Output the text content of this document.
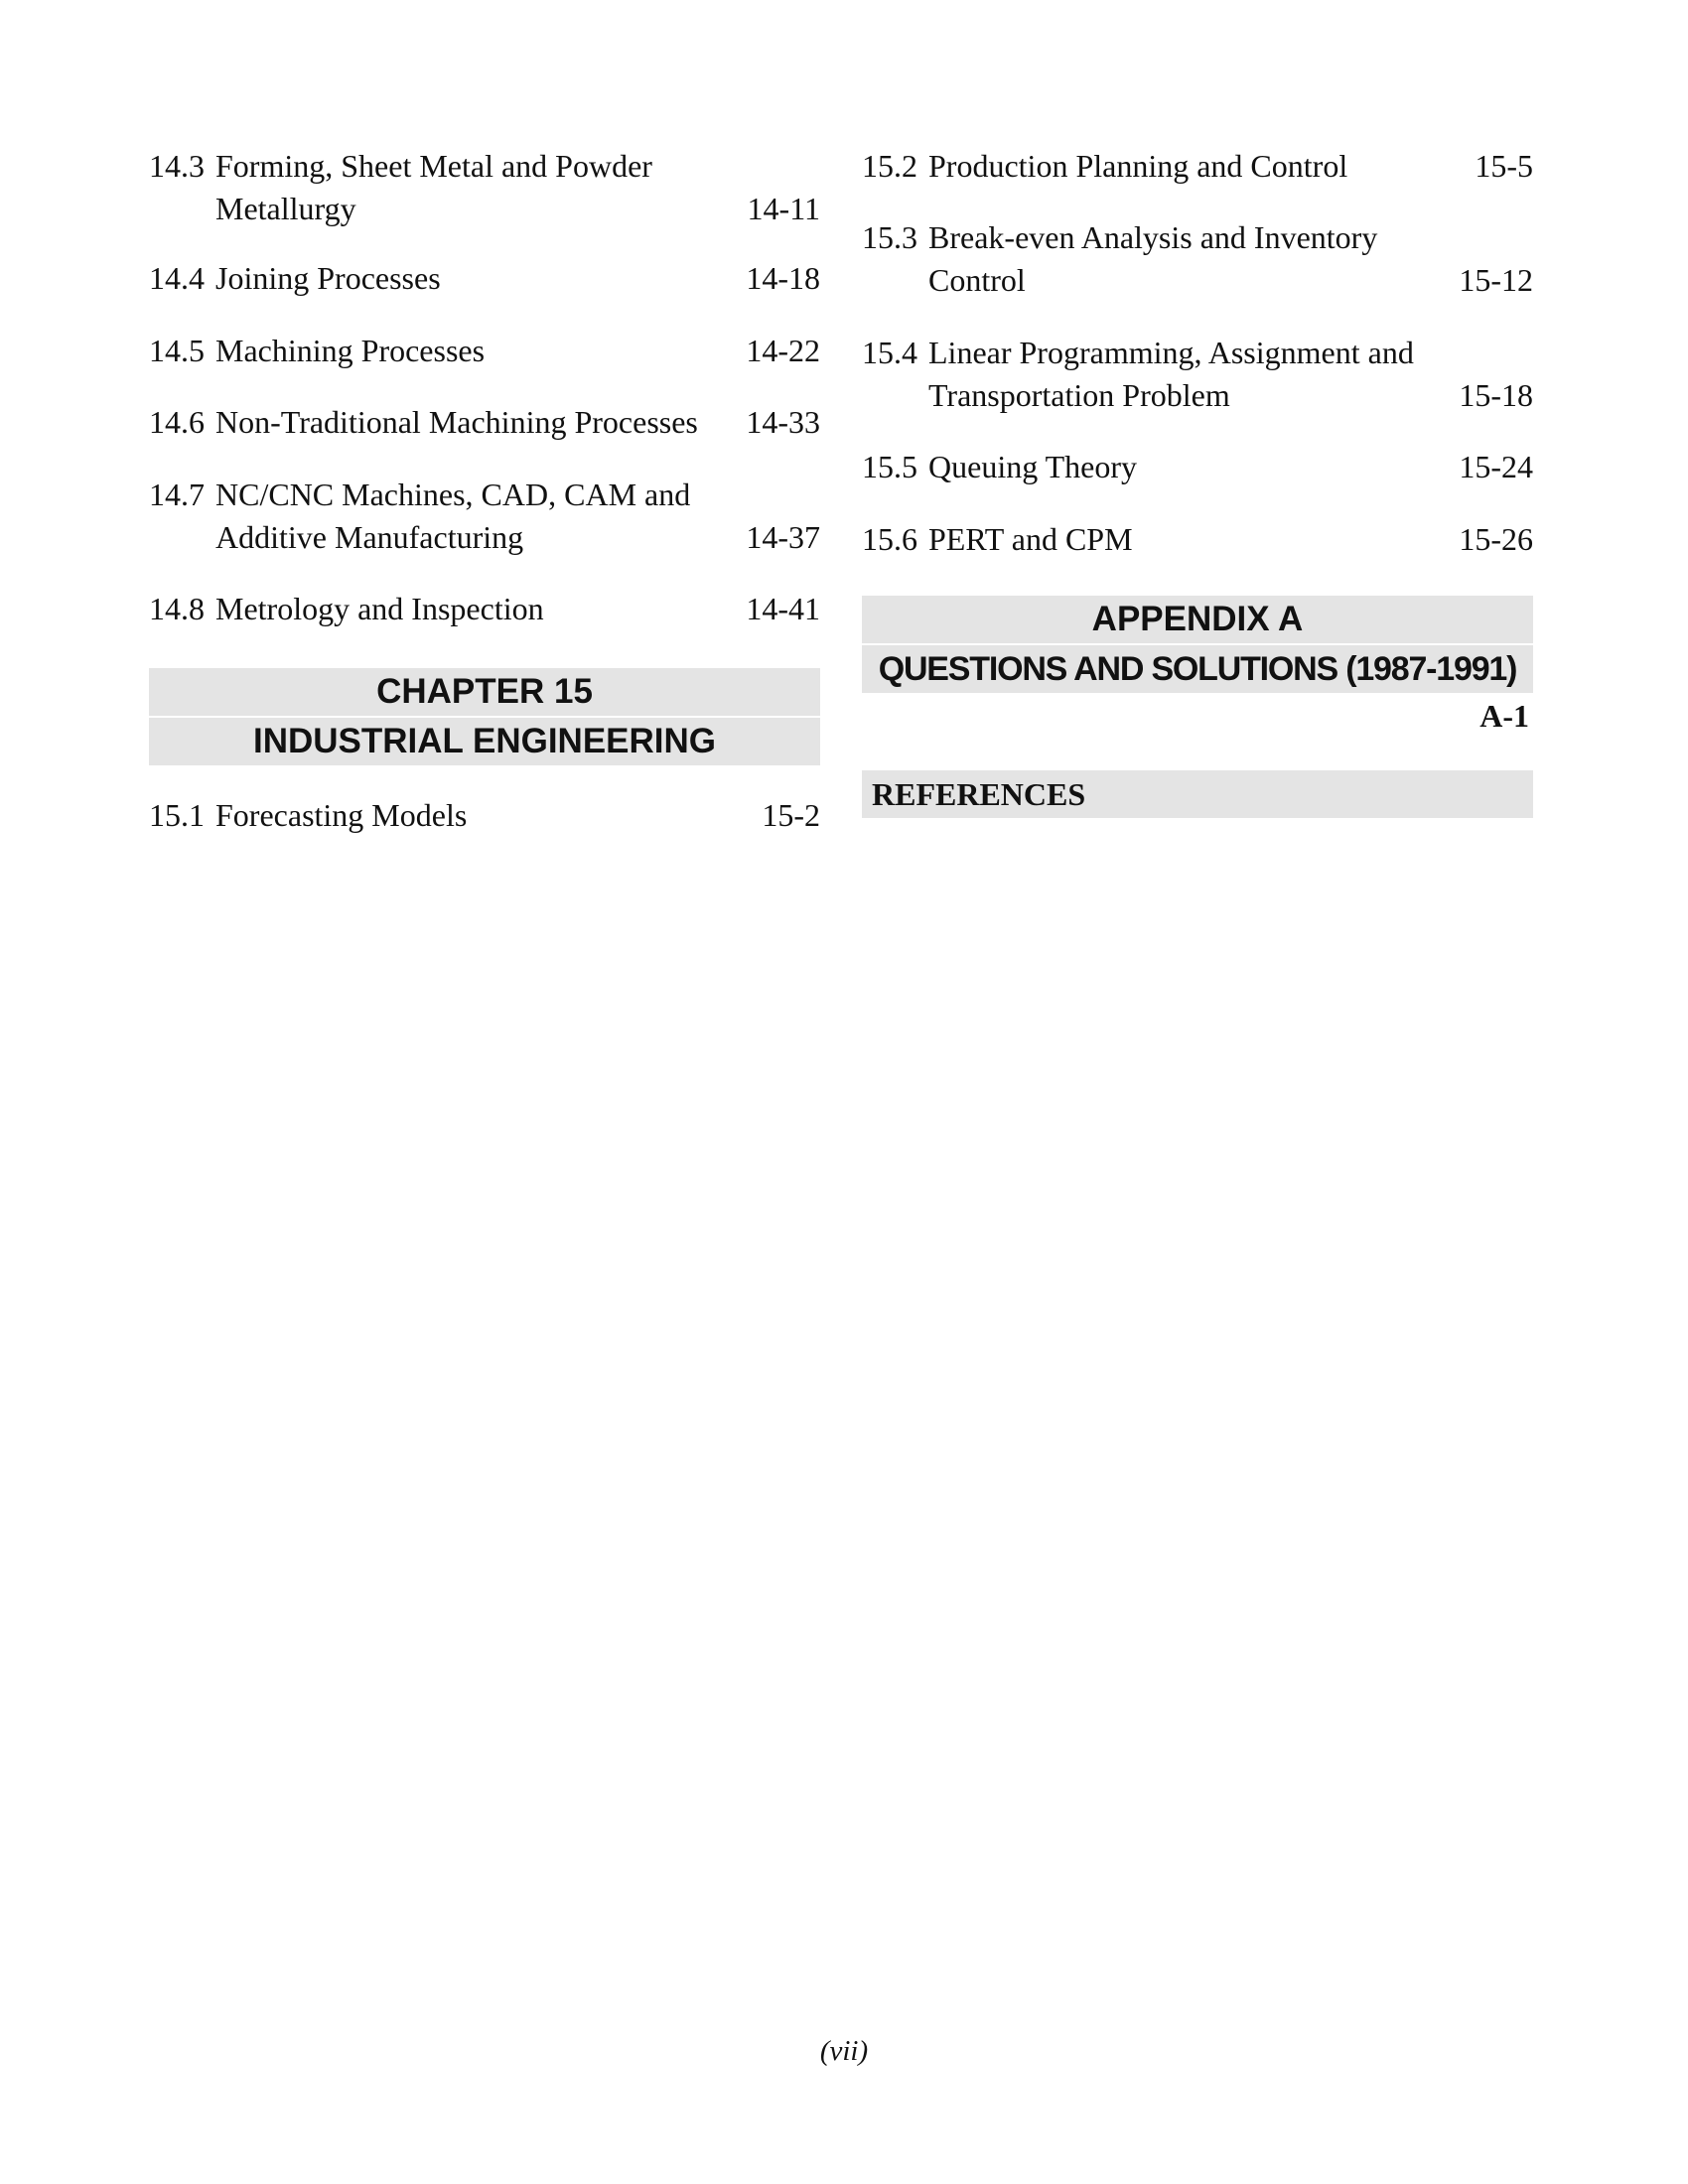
14.3 Forming, Sheet Metal and Powder Metallurgy	14-11
14.4 Joining Processes	14-18
14.5 Machining Processes	14-22
14.6 Non-Traditional Machining Processes	14-33
14.7 NC/CNC Machines, CAD, CAM and Additive Manufacturing	14-37
14.8 Metrology and Inspection	14-41
CHAPTER 15
INDUSTRIAL ENGINEERING
15.1 Forecasting Models	15-2
15.2 Production Planning and Control	15-5
15.3 Break-even Analysis and Inventory Control	15-12
15.4 Linear Programming, Assignment and Transportation Problem	15-18
15.5 Queuing Theory	15-24
15.6 PERT and CPM	15-26
APPENDIX A
QUESTIONS AND SOLUTIONS (1987-1991)
A-1
REFERENCES
(vii)
